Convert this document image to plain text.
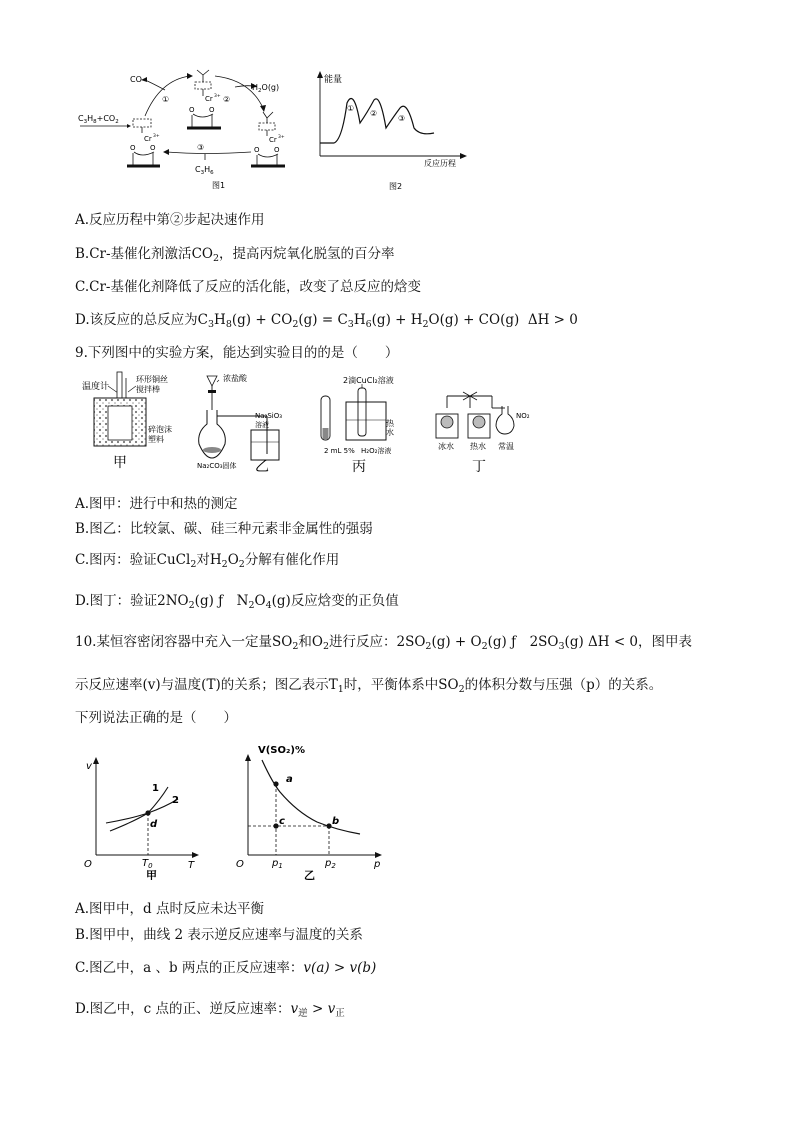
$C_3H_8+CO_2$
Cr 3+
O O
Cr 3+
O O
Cr 3+
O O
CO
①
$H_2O(g)$
②
③
$C_3H_6$
图1
能量
反应历程
①
②
③
图2
A.反应历程中第②步起决速作用
B.Cr-基催化剂激活$CO_2$，提高丙烷氧化脱氢的百分率
C.Cr-基催化剂降低了反应的活化能，改变了总反应的焓变
D.该反应的总反应为$C_3H_8(g) + CO_2(g) = C_3H_6(g) + H_2O(g) + CO(g) \Delta H > 0$
9.下列图中的实验方案，能达到实验目的的是（　　）
温度计
环形铜丝
搅拌棒
碎泡沫
塑料
甲
浓盐酸
Na₂SiO₃
溶液
Na₂CO₃固体 乙
2滴CuCl₂溶液
热
水
2 mL 5% H₂O₂溶液
丙
NO₂
冰水 热水 常温
丁
A.图甲：进行中和热的测定
B.图乙：比较氯、碳、硅三种元素非金属性的强弱
C.图丙：验证CuCl$_2$对$H_2O_2$分解有催化作用
D.图丁：验证$2NO_2(g)$ ƒ　$N_2O_4(g)$反应焓变的正负值
10.某恒容密闭容器中充入一定量$SO_2$和$O_2$进行反应：$2SO_2(g) + O_2(g)$ ƒ　$2SO_3(g) \Delta H < 0$，图甲表
示反应速率(v)与温度(T)的关系；图乙表示$T_1$时，平衡体系中$SO_2$的体积分数与压强（p）的关系。
下列说法正确的是（　　）
v
T
O
1
2
d
$T_0$
甲
V(SO₂)%
p
O
a
c	b
$p_1$	$p_2$
乙
A.图甲中，d 点时反应未达平衡
B.图甲中，曲线 2 表示逆反应速率与温度的关系
C.图乙中，a 、b 两点的正反应速率：v(a) > v(b)
D.图乙中，c 点的正、逆反应速率：$v_逆 > v_正$
